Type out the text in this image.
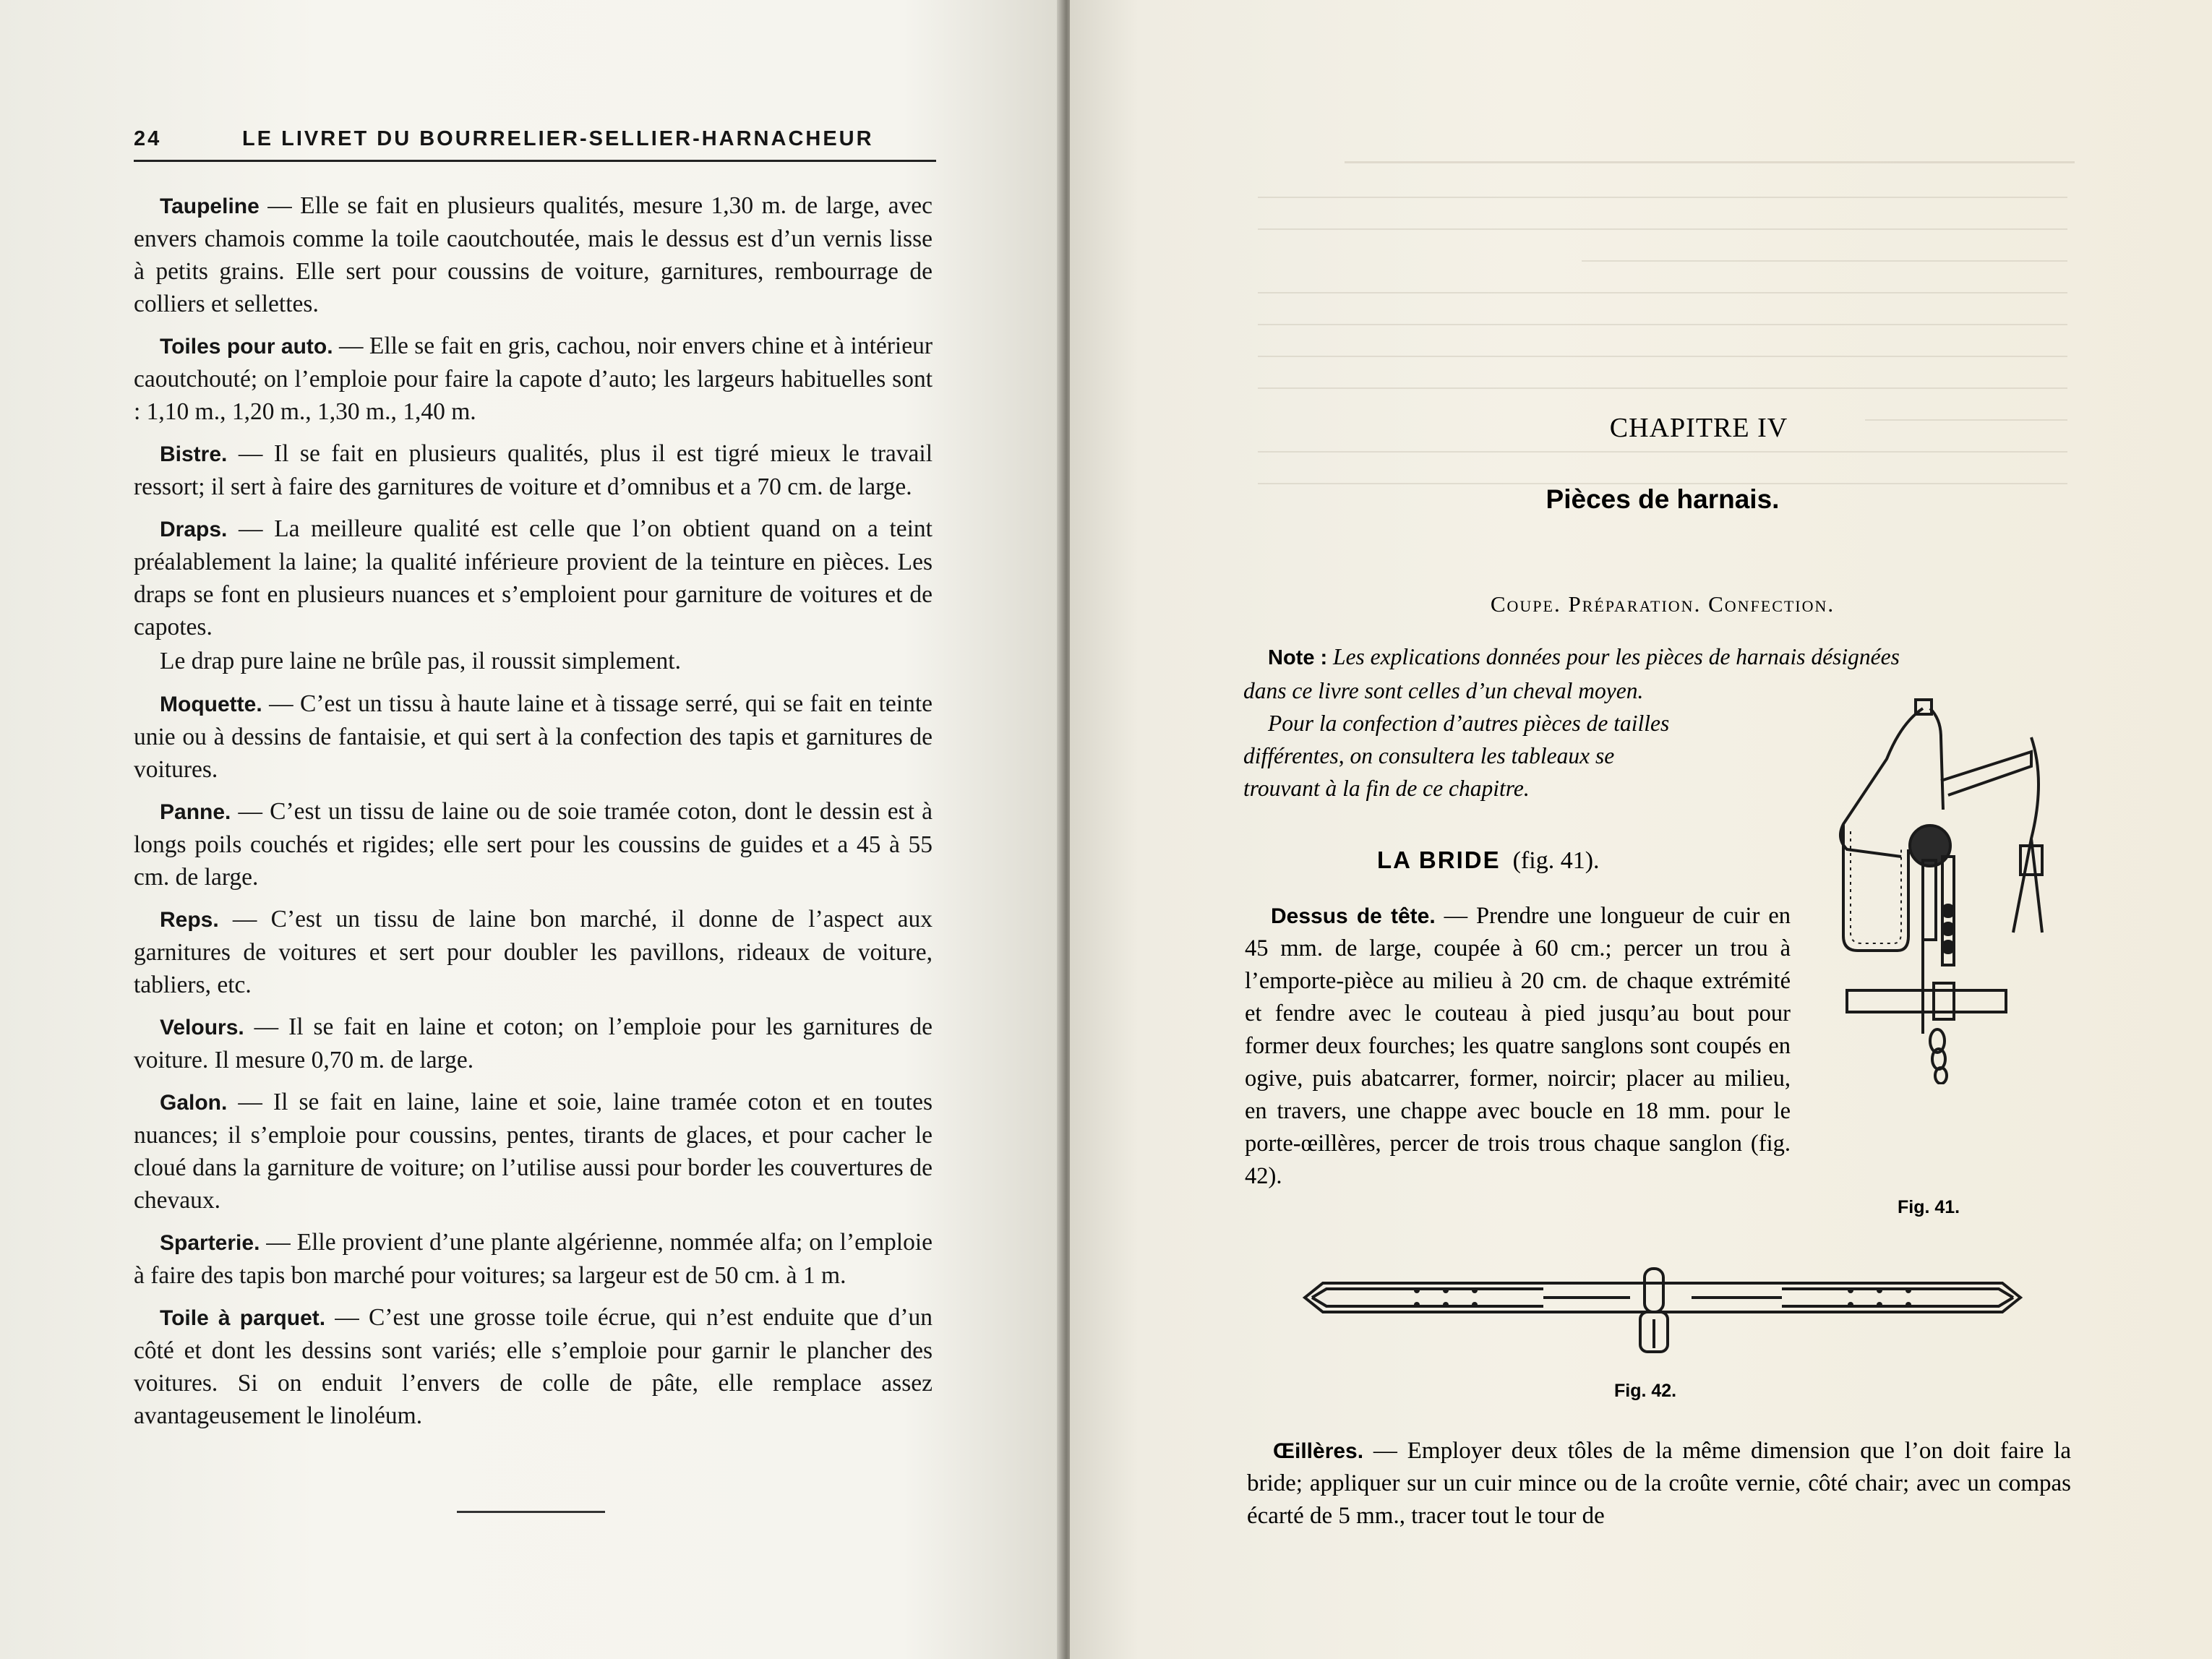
24	LE LIVRET DU BOURRELIER-SELLIER-HARNACHEUR

Taupeline — Elle se fait en plusieurs qualités, mesure 1,30 m. de large, avec envers chamois comme la toile caoutchoutée, mais le dessus est d’un vernis lisse à petits grains. Elle sert pour coussins de voiture, garnitures, rembourrage de colliers et sellettes.

Toiles pour auto. — Elle se fait en gris, cachou, noir envers chine et à intérieur caoutchouté; on l’emploie pour faire la capote d’auto; les largeurs habituelles sont : 1,10 m., 1,20 m., 1,30 m., 1,40 m.

Bistre. — Il se fait en plusieurs qualités, plus il est tigré mieux le travail ressort; il sert à faire des garnitures de voiture et d’omnibus et a 70 cm. de large.

Draps. — La meilleure qualité est celle que l’on obtient quand on a teint préalablement la laine; la qualité inférieure provient de la teinture en pièces. Les draps se font en plusieurs nuances et s’emploient pour garniture de voitures et de capotes.

Le drap pure laine ne brûle pas, il roussit simplement.

Moquette. — C’est un tissu à haute laine et à tissage serré, qui se fait en teinte unie ou à dessins de fantaisie, et qui sert à la confection des tapis et garnitures de voitures.

Panne. — C’est un tissu de laine ou de soie tramée coton, dont le dessin est à longs poils couchés et rigides; elle sert pour les coussins de guides et a 45 à 55 cm. de large.

Reps. — C’est un tissu de laine bon marché, il donne de l’aspect aux garnitures de voitures et sert pour doubler les pavillons, rideaux de voiture, tabliers, etc.

Velours. — Il se fait en laine et coton; on l’emploie pour les garnitures de voiture. Il mesure 0,70 m. de large.

Galon. — Il se fait en laine, laine et soie, laine tramée coton et en toutes nuances; il s’emploie pour coussins, pentes, tirants de glaces, et pour cacher le cloué dans la garniture de voiture; on l’utilise aussi pour border les couvertures de chevaux.

Sparterie. — Elle provient d’une plante algérienne, nommée alfa; on l’emploie à faire des tapis bon marché pour voitures; sa largeur est de 50 cm. à 1 m.

Toile à parquet. — C’est une grosse toile écrue, qui n’est enduite que d’un côté et dont les dessins sont variés; elle s’emploie pour garnir le plancher des voitures. Si on enduit l’envers de colle de pâte, elle remplace assez avantageusement le linoléum.

CHAPITRE IV
Pièces de harnais.
Coupe. Préparation. Confection.
Note : Les explications données pour les pièces de harnais désignées
dans ce livre sont celles d’un cheval moyen.
Pour la confection d’autres pièces de tailles
différentes, on consultera les tableaux se
trouvant à la fin de ce chapitre.
LA BRIDE (fig. 41).

Dessus de tête. — Prendre une longueur de cuir en 45 mm. de large, coupée à 60 cm.; percer un trou à l’emporte-pièce au milieu à 20 cm. de chaque extrémité et fendre avec le couteau à pied jusqu’au bout pour former deux fourches; les quatre sanglons sont coupés en ogive, puis abatcarrer, former, noircir; placer au milieu, en travers, une chappe avec boucle en 18 mm. pour le porte-œillères, percer de trois trous chaque sanglon (fig. 42).

Fig. 41.
Fig. 42.

Œillères. — Employer deux tôles de la même dimension que l’on doit faire la bride; appliquer sur un cuir mince ou de la croûte vernie, côté chair; avec un compas écarté de 5 mm., tracer tout le tour de
